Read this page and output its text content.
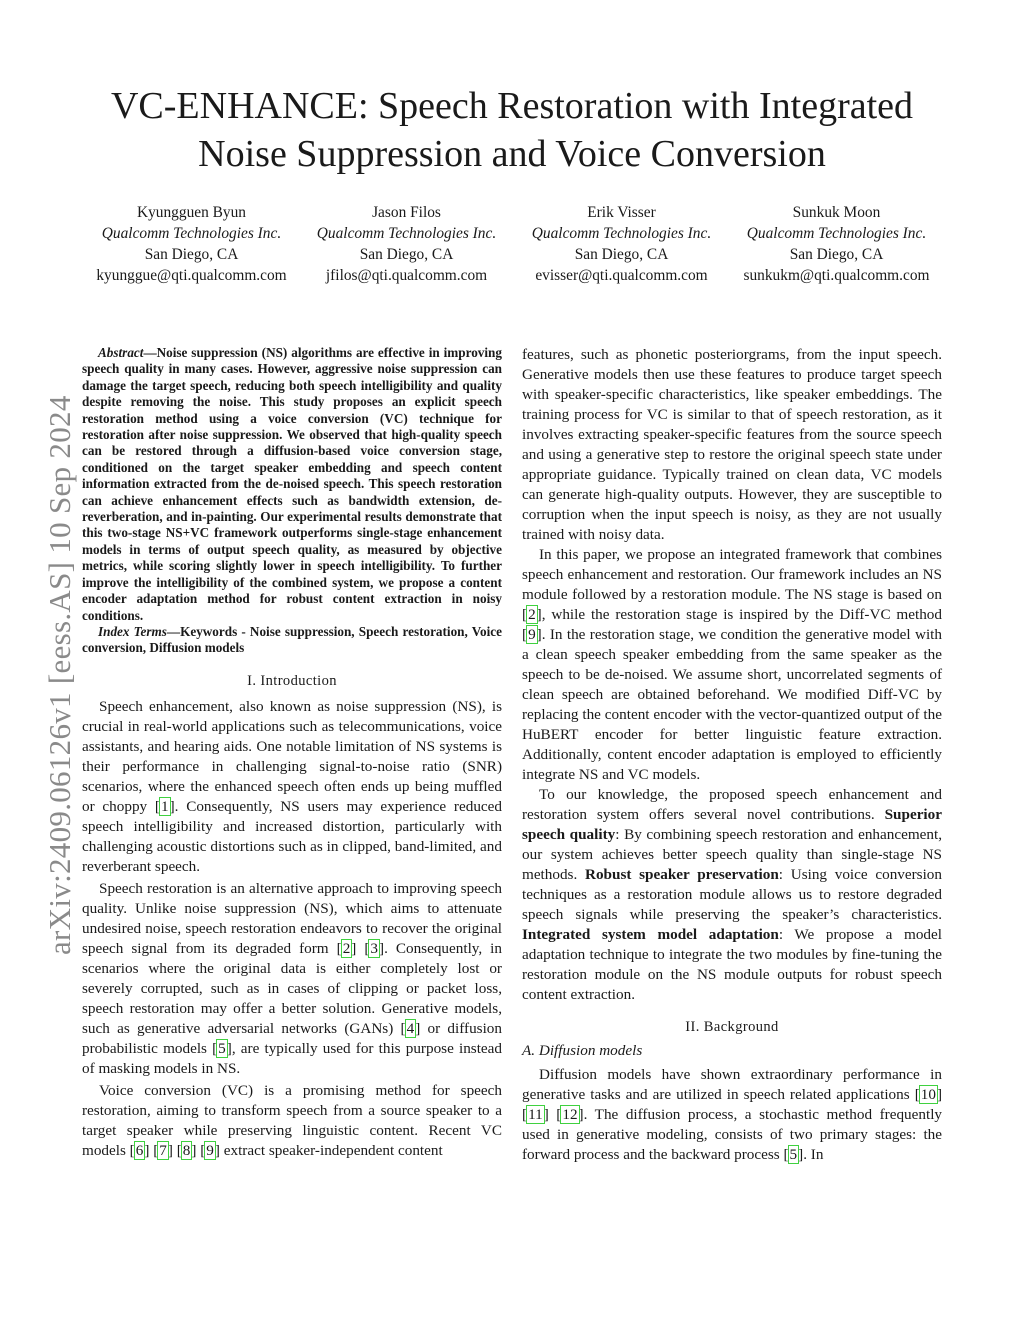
arXiv:2409.06126v1 [eess.AS] 10 Sep 2024
VC-ENHANCE: Speech Restoration with Integrated
Noise Suppression and Voice Conversion
Kyungguen Byun
Qualcomm Technologies Inc.
San Diego, CA
kyunggue@qti.qualcomm.com
Jason Filos
Qualcomm Technologies Inc.
San Diego, CA
jfilos@qti.qualcomm.com
Erik Visser
Qualcomm Technologies Inc.
San Diego, CA
evisser@qti.qualcomm.com
Sunkuk Moon
Qualcomm Technologies Inc.
San Diego, CA
sunkukm@qti.qualcomm.com

Abstract—Noise suppression (NS) algorithms are effective in improving speech quality in many cases. However, aggressive noise suppression can damage the target speech, reducing both speech intelligibility and quality despite removing the noise. This study proposes an explicit speech restoration method using a voice conversion (VC) technique for restoration after noise suppression. We observed that high-quality speech can be restored through a diffusion-based voice conversion stage, conditioned on the target speaker embedding and speech content information extracted from the de-noised speech. This speech restoration can achieve enhancement effects such as bandwidth extension, de-reverberation, and in-painting. Our experimental results demonstrate that this two-stage NS+VC framework outperforms single-stage enhancement models in terms of output speech quality, as measured by objective metrics, while scoring slightly lower in speech intelligibility. To further improve the intelligibility of the combined system, we propose a content encoder adaptation method for robust content extraction in noisy conditions.

Index Terms—Keywords - Noise suppression, Speech restoration, Voice conversion, Diffusion models

I. Introduction

Speech enhancement, also known as noise suppression (NS), is crucial in real-world applications such as telecommunications, voice assistants, and hearing aids. One notable limitation of NS systems is their performance in challenging signal-to-noise ratio (SNR) scenarios, where the enhanced speech often ends up being muffled or choppy [ 1 ] . Consequently, NS users may experience reduced speech intelligibility and increased distortion, particularly with challenging acoustic distortions such as in clipped, band-limited, and reverberant speech.

Speech restoration is an alternative approach to improving speech quality. Unlike noise suppression (NS), which aims to attenuate undesired noise, speech restoration endeavors to recover the original speech signal from its degraded form [ 2 ] [ 3 ] . Consequently, in scenarios where the original data is either completely lost or severely corrupted, such as in cases of clipping or packet loss, speech restoration may offer a better solution. Generative models, such as generative adversarial networks (GANs) [ 4 ] or diffusion probabilistic models [ 5 ] , are typically used for this purpose instead of masking models in NS.

Voice conversion (VC) is a promising method for speech restoration, aiming to transform speech from a source speaker to a target speaker while preserving linguistic content. Recent VC models [ 6 ] [ 7 ] [ 8 ] [ 9 ] extract speaker-independent content

features, such as phonetic posteriorgrams, from the input speech. Generative models then use these features to produce target speech with speaker-specific characteristics, like speaker embeddings. The training process for VC is similar to that of speech restoration, as it involves extracting speaker-specific features from the source speech and using a generative step to restore the original speech state under appropriate guidance. Typically trained on clean data, VC models can generate high-quality outputs. However, they are susceptible to corruption when the input speech is noisy, as they are not usually trained with noisy data.

In this paper, we propose an integrated framework that combines speech enhancement and restoration. Our framework includes an NS module followed by a restoration module. The NS stage is based on [ 2 ] , while the restoration stage is inspired by the Diff-VC method [ 9 ] . In the restoration stage, we condition the generative model with a clean speech speaker embedding from the same speaker as the speech to be de-noised. We assume short, uncorrelated segments of clean speech are obtained beforehand. We modified Diff-VC by replacing the content encoder with the vector-quantized output of the HuBERT encoder for better linguistic feature extraction. Additionally, content encoder adaptation is employed to efficiently integrate NS and VC models.

To our knowledge, the proposed speech enhancement and restoration system offers several novel contributions. Superior speech quality: By combining speech restoration and enhancement, our system achieves better speech quality than single-stage NS methods. Robust speaker preservation: Using voice conversion techniques as a restoration module allows us to restore degraded speech signals while preserving the speaker’s characteristics. Integrated system model adaptation: We propose a model adaptation technique to integrate the two modules by fine-tuning the restoration module on the NS module outputs for robust speech content extraction.

II. Background
A. Diffusion models

Diffusion models have shown extraordinary performance in generative tasks and are utilized in speech related applications [ 10 ] [ 11 ] [ 12 ] . The diffusion process, a stochastic method frequently used in generative modeling, consists of two primary stages: the forward process and the backward process [ 5 ] . In
